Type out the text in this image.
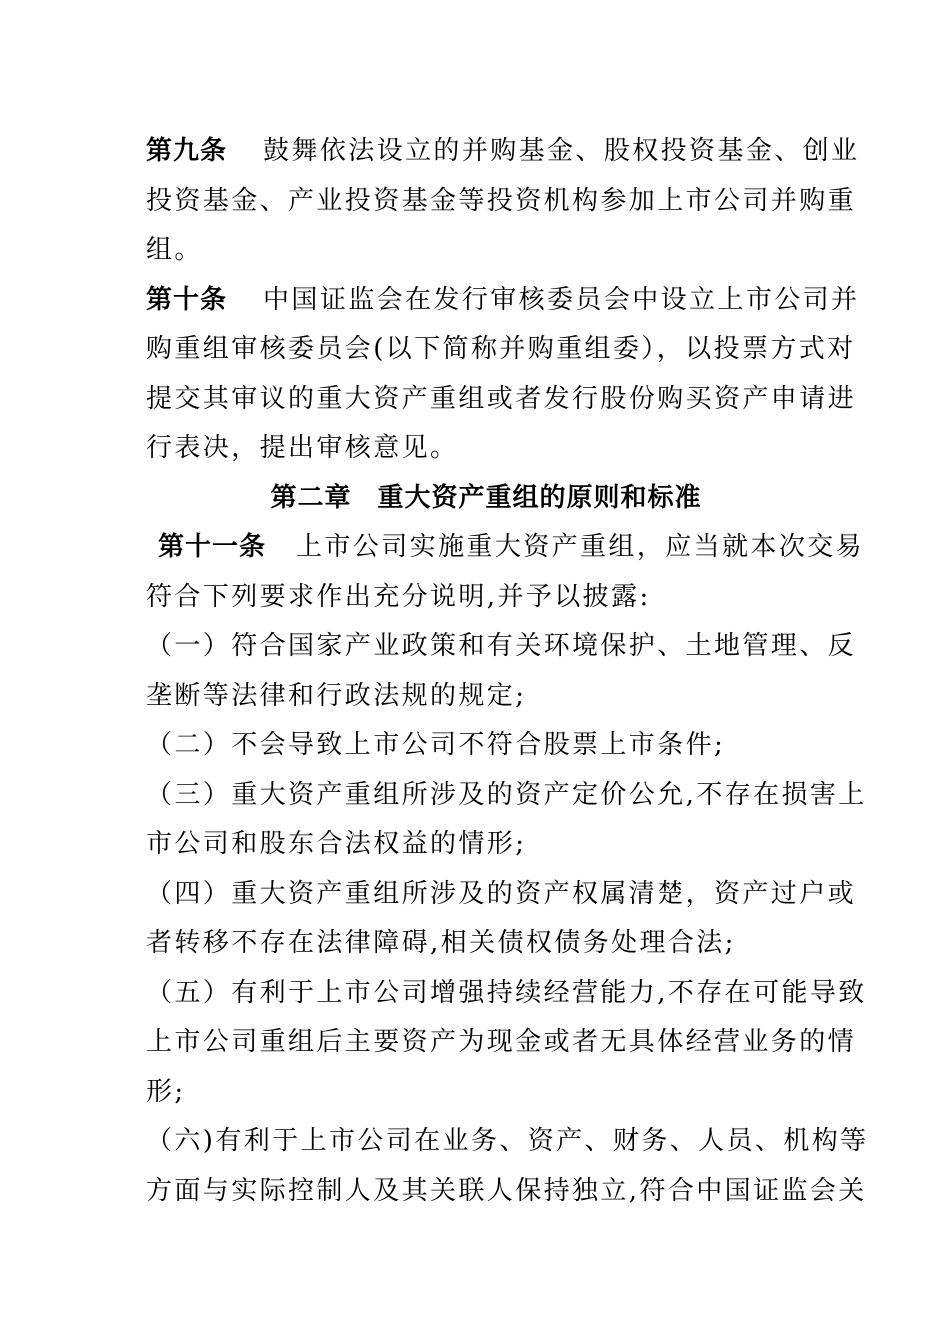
第九条 鼓舞依法设立的并购基金、股权投资基金、创业
投资基金、产业投资基金等投资机构参加上市公司并购重
组。
第十条 中国证监会在发行审核委员会中设立上市公司并
购重组审核委员会(以下简称并购重组委），以投票方式对
提交其审议的重大资产重组或者发行股份购买资产申请进
行表决，提出审核意见。
第二章 重大资产重组的原则和标准
第十一条 上市公司实施重大资产重组，应当就本次交易
符合下列要求作出充分说明,并予以披露:
（一）符合国家产业政策和有关环境保护、土地管理、反
垄断等法律和行政法规的规定;
（二）不会导致上市公司不符合股票上市条件;
（三）重大资产重组所涉及的资产定价公允,不存在损害上
市公司和股东合法权益的情形;
（四）重大资产重组所涉及的资产权属清楚，资产过户或
者转移不存在法律障碍,相关债权债务处理合法;
（五）有利于上市公司增强持续经营能力,不存在可能导致
上市公司重组后主要资产为现金或者无具体经营业务的情
形;
（六)有利于上市公司在业务、资产、财务、人员、机构等
方面与实际控制人及其关联人保持独立,符合中国证监会关
